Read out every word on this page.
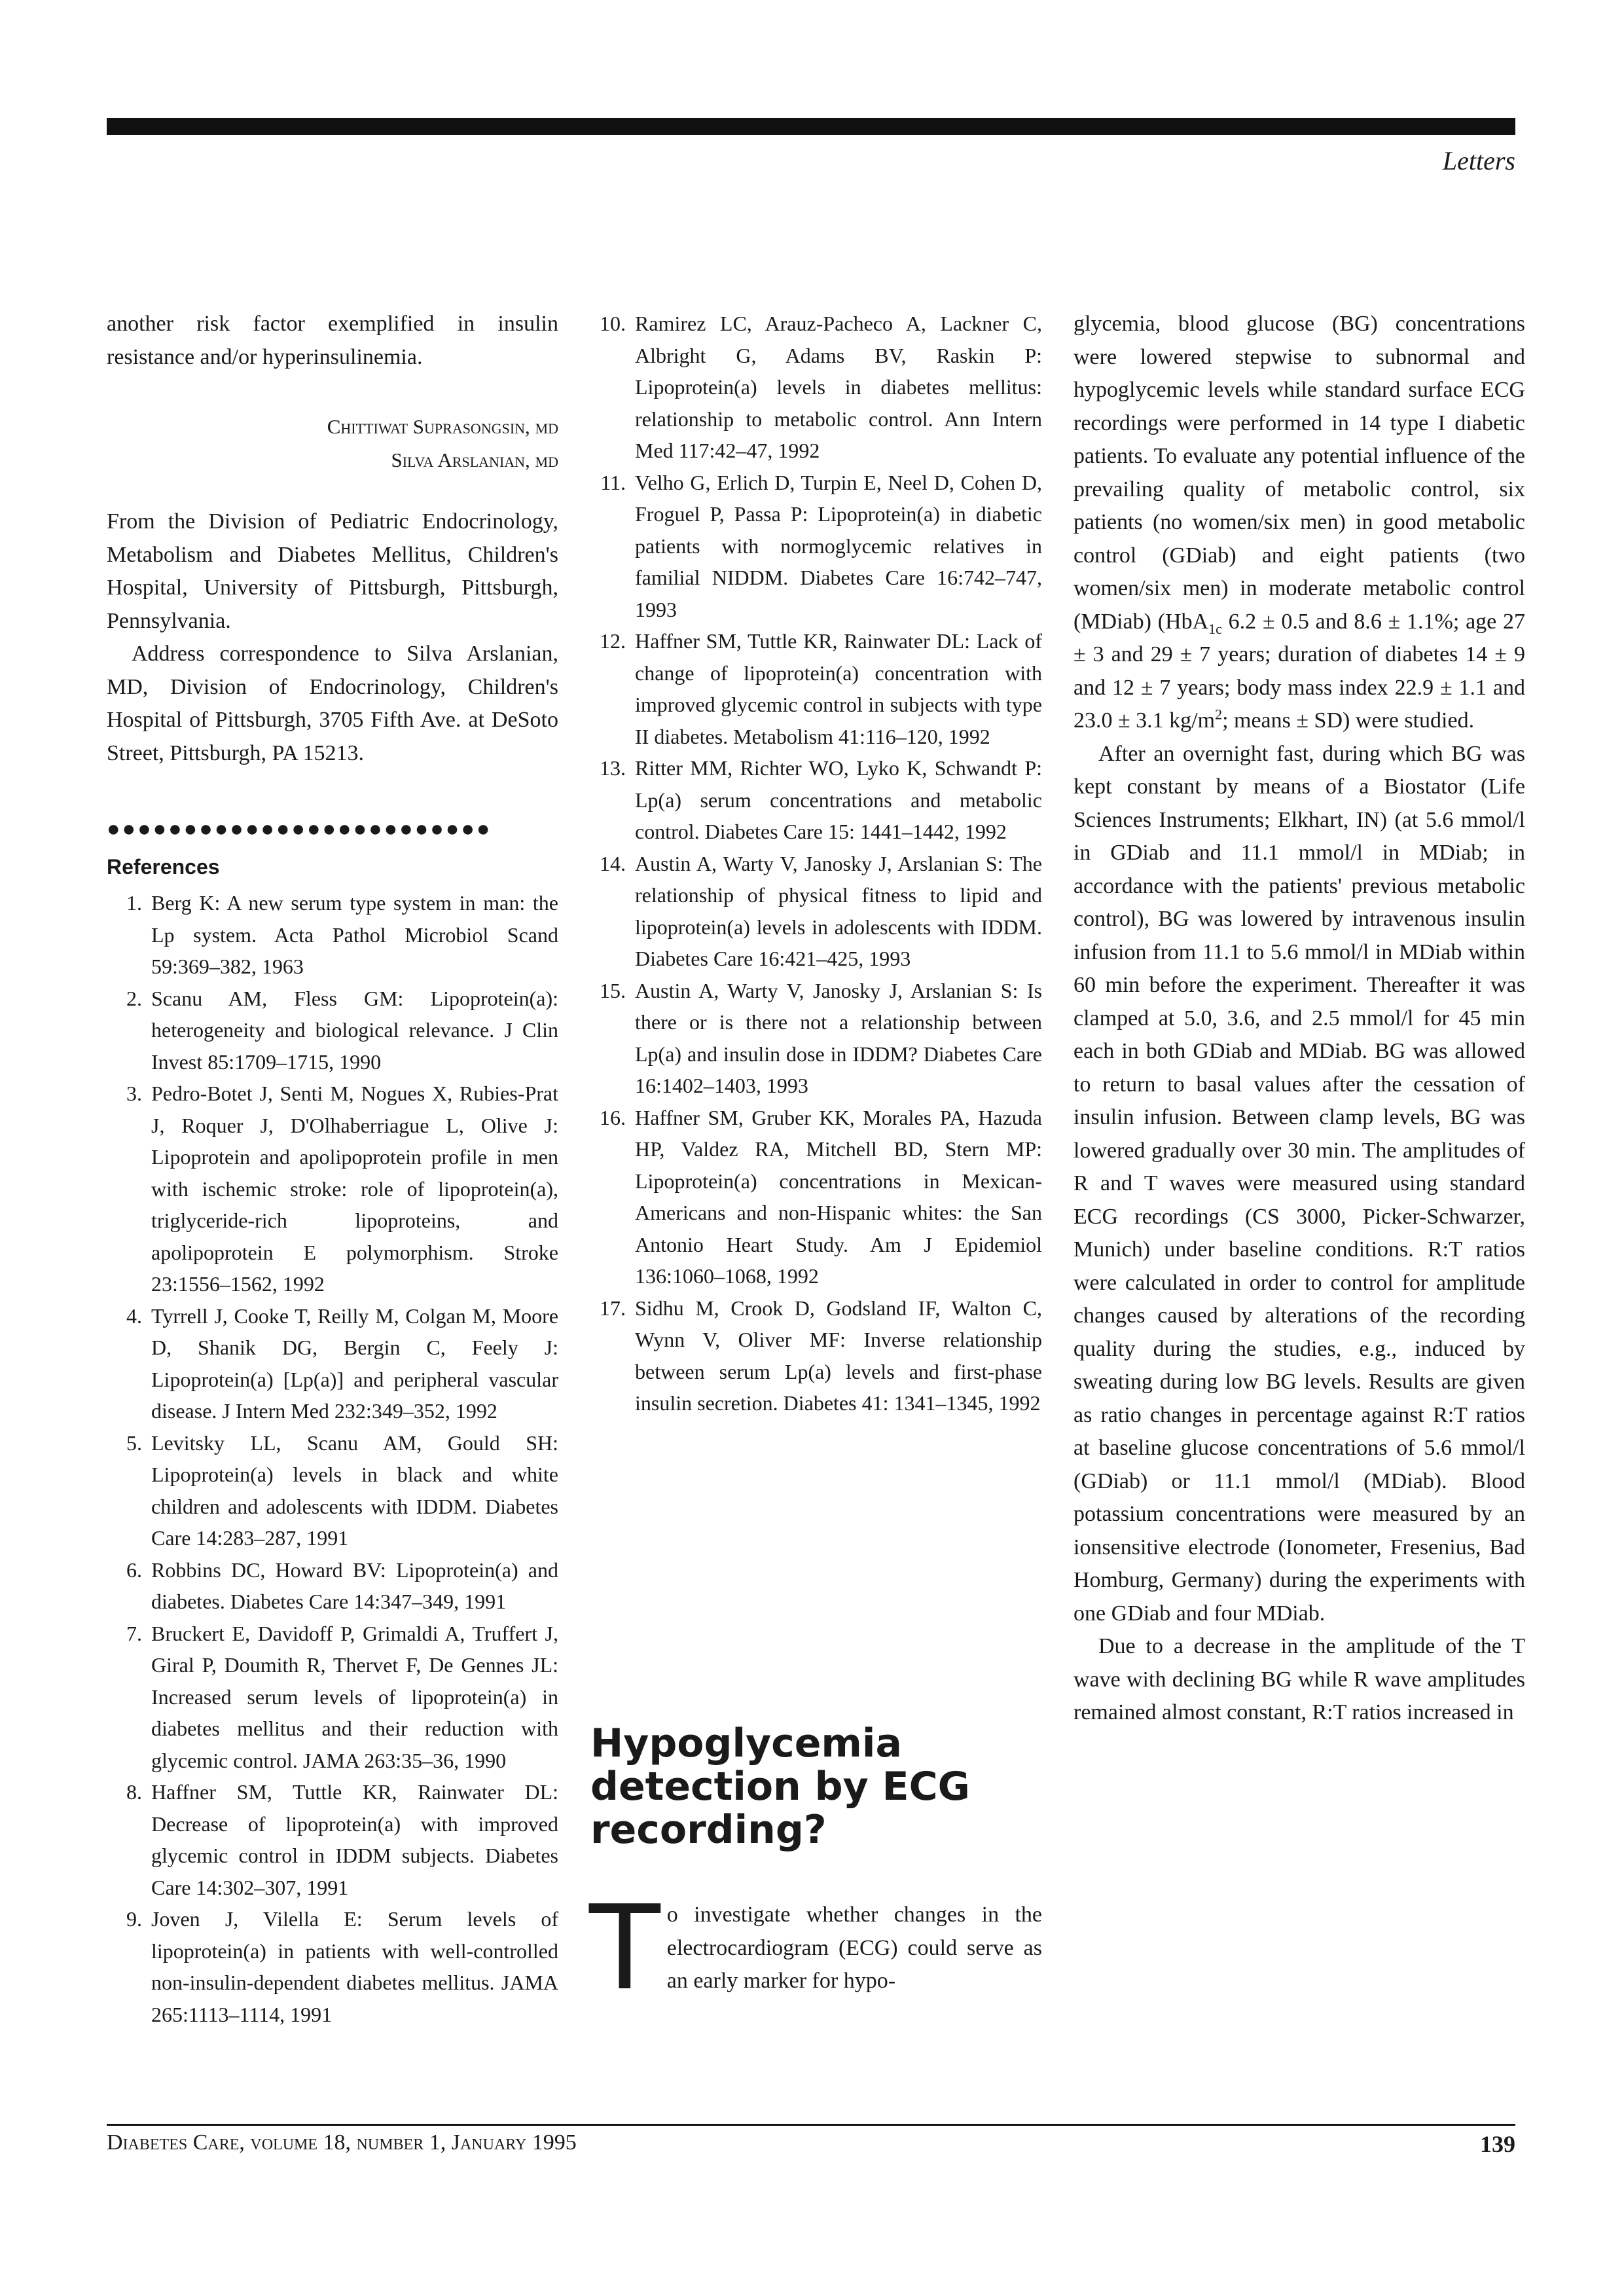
Letters

another risk factor exemplified in insulin resistance and/or hyperinsulinemia.

Chittiwat Suprasongsin, md
Silva Arslanian, md

From the Division of Pediatric Endocrinology, Metabolism and Diabetes Mellitus, Children's Hospital, University of Pittsburgh, Pittsburgh, Pennsylvania.

Address correspondence to Silva Arslanian, MD, Division of Endocrinology, Children's Hospital of Pittsburgh, 3705 Fifth Ave. at DeSoto Street, Pittsburgh, PA 15213.

●●●●●●●●●●●●●●●●●●●●●●●●●
References
1. Berg K: A new serum type system in man: the Lp system. Acta Pathol Microbiol Scand 59:369–382, 1963
2. Scanu AM, Fless GM: Lipoprotein(a): heterogeneity and biological relevance. J Clin Invest 85:1709–1715, 1990
3. Pedro-Botet J, Senti M, Nogues X, Rubies-Prat J, Roquer J, D'Olhaberriague L, Olive J: Lipoprotein and apolipoprotein profile in men with ischemic stroke: role of lipoprotein(a), triglyceride-rich lipoproteins, and apolipoprotein E polymorphism. Stroke 23:1556–1562, 1992
4. Tyrrell J, Cooke T, Reilly M, Colgan M, Moore D, Shanik DG, Bergin C, Feely J: Lipoprotein(a) [Lp(a)] and peripheral vascular disease. J Intern Med 232:349–352, 1992
5. Levitsky LL, Scanu AM, Gould SH: Lipoprotein(a) levels in black and white children and adolescents with IDDM. Diabetes Care 14:283–287, 1991
6. Robbins DC, Howard BV: Lipoprotein(a) and diabetes. Diabetes Care 14:347–349, 1991
7. Bruckert E, Davidoff P, Grimaldi A, Truffert J, Giral P, Doumith R, Thervet F, De Gennes JL: Increased serum levels of lipoprotein(a) in diabetes mellitus and their reduction with glycemic control. JAMA 263:35–36, 1990
8. Haffner SM, Tuttle KR, Rainwater DL: Decrease of lipoprotein(a) with improved glycemic control in IDDM subjects. Diabetes Care 14:302–307, 1991
9. Joven J, Vilella E: Serum levels of lipoprotein(a) in patients with well-controlled non-insulin-dependent diabetes mellitus. JAMA 265:1113–1114, 1991
10. Ramirez LC, Arauz-Pacheco A, Lackner C, Albright G, Adams BV, Raskin P: Lipoprotein(a) levels in diabetes mellitus: relationship to metabolic control. Ann Intern Med 117:42–47, 1992
11. Velho G, Erlich D, Turpin E, Neel D, Cohen D, Froguel P, Passa P: Lipoprotein(a) in diabetic patients with normoglycemic relatives in familial NIDDM. Diabetes Care 16:742–747, 1993
12. Haffner SM, Tuttle KR, Rainwater DL: Lack of change of lipoprotein(a) concentration with improved glycemic control in subjects with type II diabetes. Metabolism 41:116–120, 1992
13. Ritter MM, Richter WO, Lyko K, Schwandt P: Lp(a) serum concentrations and metabolic control. Diabetes Care 15: 1441–1442, 1992
14. Austin A, Warty V, Janosky J, Arslanian S: The relationship of physical fitness to lipid and lipoprotein(a) levels in adolescents with IDDM. Diabetes Care 16:421–425, 1993
15. Austin A, Warty V, Janosky J, Arslanian S: Is there or is there not a relationship between Lp(a) and insulin dose in IDDM? Diabetes Care 16:1402–1403, 1993
16. Haffner SM, Gruber KK, Morales PA, Hazuda HP, Valdez RA, Mitchell BD, Stern MP: Lipoprotein(a) concentrations in Mexican-Americans and non-Hispanic whites: the San Antonio Heart Study. Am J Epidemiol 136:1060–1068, 1992
17. Sidhu M, Crook D, Godsland IF, Walton C, Wynn V, Oliver MF: Inverse relationship between serum Lp(a) levels and first-phase insulin secretion. Diabetes 41: 1341–1345, 1992
Hypoglycemia detection by ECG recording?
To investigate whether changes in the electrocardiogram (ECG) could serve as an early marker for hypo-

glycemia, blood glucose (BG) concentrations were lowered stepwise to subnormal and hypoglycemic levels while standard surface ECG recordings were performed in 14 type I diabetic patients. To evaluate any potential influence of the prevailing quality of metabolic control, six patients (no women/six men) in good metabolic control (GDiab) and eight patients (two women/six men) in moderate metabolic control (MDiab) (HbA$_{1c}$ 6.2 ± 0.5 and 8.6 ± 1.1%; age 27 ± 3 and 29 ± 7 years; duration of diabetes 14 ± 9 and 12 ± 7 years; body mass index 22.9 ± 1.1 and 23.0 ± 3.1 $kg/m^2$; means ± SD) were studied.

After an overnight fast, during which BG was kept constant by means of a Biostator (Life Sciences Instruments; Elkhart, IN) (at 5.6 mmol/l in GDiab and 11.1 mmol/l in MDiab; in accordance with the patients' previous metabolic control), BG was lowered by intravenous insulin infusion from 11.1 to 5.6 mmol/l in MDiab within 60 min before the experiment. Thereafter it was clamped at 5.0, 3.6, and 2.5 mmol/l for 45 min each in both GDiab and MDiab. BG was allowed to return to basal values after the cessation of insulin infusion. Between clamp levels, BG was lowered gradually over 30 min. The amplitudes of R and T waves were measured using standard ECG recordings (CS 3000, Picker-Schwarzer, Munich) under baseline conditions. R:T ratios were calculated in order to control for amplitude changes caused by alterations of the recording quality during the studies, e.g., induced by sweating during low BG levels. Results are given as ratio changes in percentage against R:T ratios at baseline glucose concentrations of 5.6 mmol/l (GDiab) or 11.1 mmol/l (MDiab). Blood potassium concentrations were measured by an ionsensitive electrode (Ionometer, Fresenius, Bad Homburg, Germany) during the experiments with one GDiab and four MDiab.

Due to a decrease in the amplitude of the T wave with declining BG while R wave amplitudes remained almost constant, R:T ratios increased in

Diabetes Care, volume 18, number 1, January 1995	139
